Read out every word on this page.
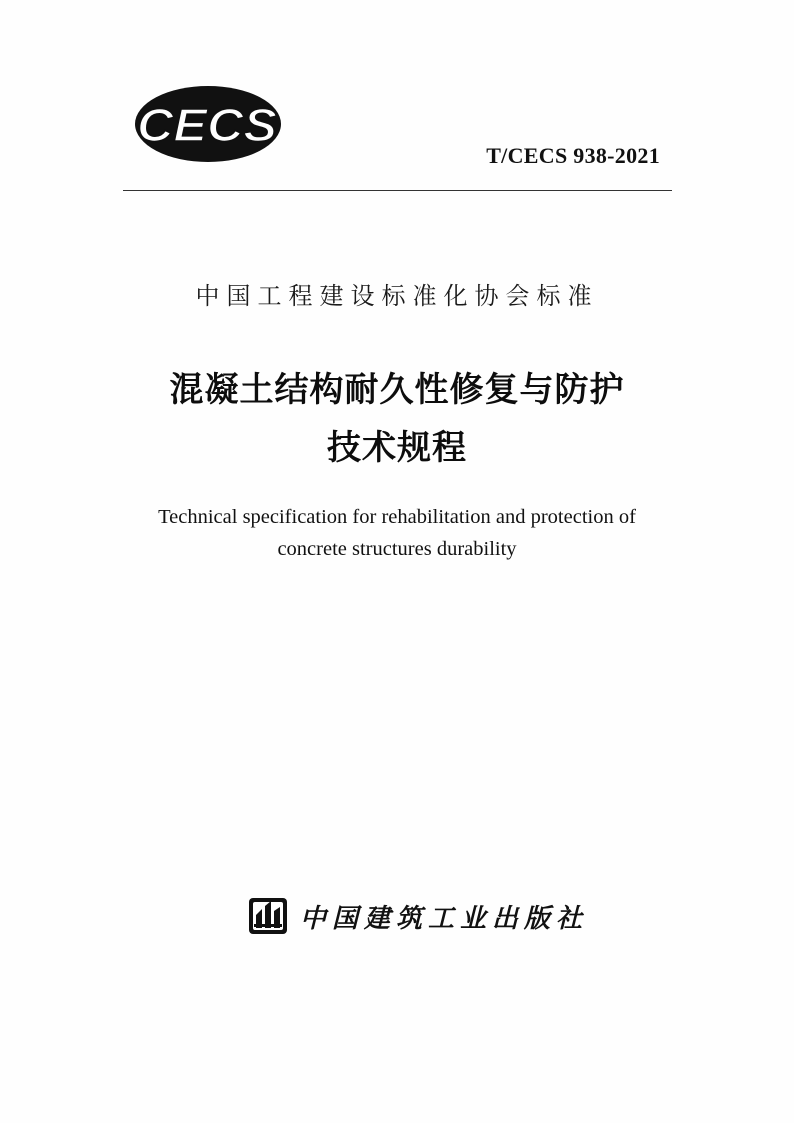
CECS
T/CECS 938-2021
中国工程建设标准化协会标准
混凝土结构耐久性修复与防护
技术规程
Technical specification for rehabilitation and protection of
concrete structures durability
中国建筑工业出版社
